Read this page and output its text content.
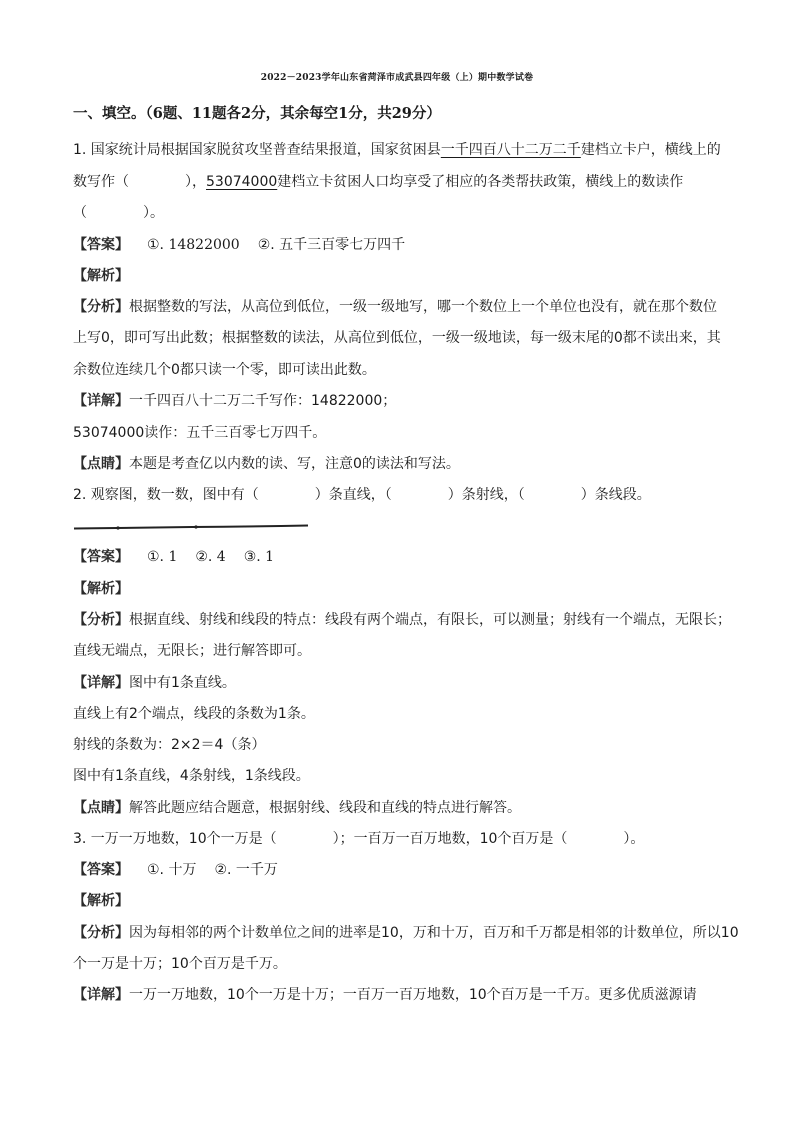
2022－2023学年山东省菏泽市成武县四年级（上）期中数学试卷
一、填空。（6题、11题各2分，其余每空1分，共29分）
1. 国家统计局根据国家脱贫攻坚普查结果报道，国家贫困县一千四百八十二万二千建档立卡户，横线上的
数写作（　　　　），53074000建档立卡贫困人口均享受了相应的各类帮扶政策，横线上的数读作
（　　　　）。
【答案】 ①. 14822000 ②. 五千三百零七万四千
【解析】
【分析】根据整数的写法，从高位到低位，一级一级地写，哪一个数位上一个单位也没有，就在那个数位
上写0，即可写出此数；根据整数的读法，从高位到低位，一级一级地读，每一级末尾的0都不读出来，其
余数位连续几个0都只读一个零，即可读出此数。
【详解】一千四百八十二万二千写作：14822000；
53074000读作：五千三百零七万四千。
【点睛】本题是考查亿以内数的读、写，注意0的读法和写法。
2. 观察图，数一数，图中有（　　　　）条直线，（　　　　）条射线，（　　　　）条线段。
【答案】 ①. 1 ②. 4 ③. 1
【解析】
【分析】根据直线、射线和线段的特点：线段有两个端点，有限长，可以测量；射线有一个端点，无限长；
直线无端点，无限长；进行解答即可。
【详解】图中有1条直线。
直线上有2个端点，线段的条数为1条。
射线的条数为：2×2＝4（条）
图中有1条直线，4条射线，1条线段。
【点睛】解答此题应结合题意，根据射线、线段和直线的特点进行解答。
3. 一万一万地数，10个一万是（　　　　）；一百万一百万地数，10个百万是（　　　　）。
【答案】 ①. 十万 ②. 一千万
【解析】
【分析】因为每相邻的两个计数单位之间的进率是10，万和十万，百万和千万都是相邻的计数单位，所以10
个一万是十万；10个百万是千万。
【详解】一万一万地数，10个一万是十万；一百万一百万地数，10个百万是一千万。更多优质滋源请
